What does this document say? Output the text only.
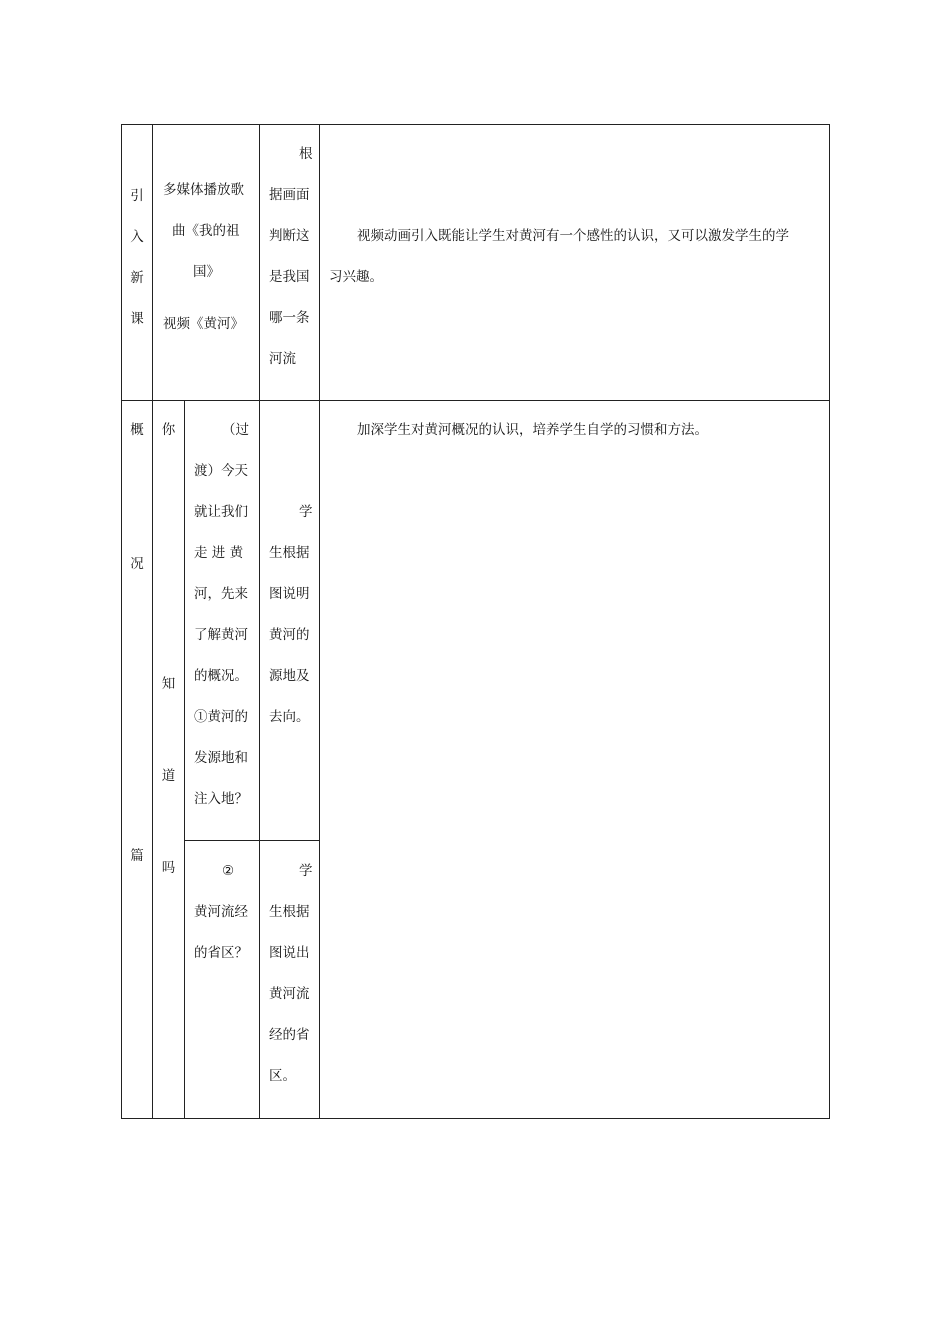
引
入
新
课
多媒体播放歌
曲《我的祖
国》
视频《黄河》
根
据画面
判断这
是我国
哪一条
河流
视频动画引入既能让学生对黄河有一个感性的认识，又可以激发学生的学
习兴趣。
概
况
篇
你
知
道
吗
（过
渡）今天
就让我们
走 进 黄
河，先来
了解黄河
的概况。
①黄河的
发源地和
注入地？
学
生根据
图说明
黄河的
源地及
去向。
②
黄河流经
的省区？
学
生根据
图说出
黄河流
经的省
区。
加深学生对黄河概况的认识，培养学生自学的习惯和方法。
